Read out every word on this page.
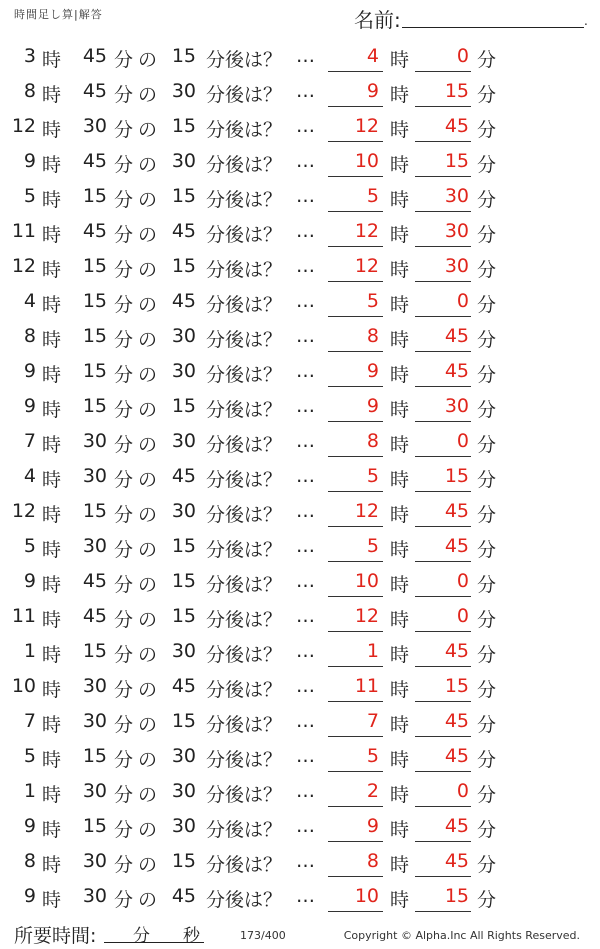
時間足し算|解答	名前:	.
3 時 45 分 の 15 分後は？ …	4 時	0 分
8 時 45 分 の 30 分後は？ …	9 時 15 分
12 時 30 分 の 15 分後は？ … 12 時 45 分
9 時 45 分 の 30 分後は？ … 10 時 15 分
5 時 15 分 の 15 分後は？ …	5 時 30 分
11 時 45 分 の 45 分後は？ … 12 時 30 分
12 時 15 分 の 15 分後は？ … 12 時 30 分
4 時 15 分 の 45 分後は？ …	5 時	0 分
8 時 15 分 の 30 分後は？ …	8 時 45 分
9 時 15 分 の 30 分後は？ …	9 時 45 分
9 時 15 分 の 15 分後は？ …	9 時 30 分
7 時 30 分 の 30 分後は？ …	8 時	0 分
4 時 30 分 の 45 分後は？ …	5 時 15 分
12 時 15 分 の 30 分後は？ … 12 時 45 分
5 時 30 分 の 15 分後は？ …	5 時 45 分
9 時 45 分 の 15 分後は？ … 10 時	0 分
11 時 45 分 の 15 分後は？ … 12 時	0 分
1 時 15 分 の 30 分後は？ …	1 時 45 分
10 時 30 分 の 45 分後は？ … 11 時 15 分
7 時 30 分 の 15 分後は？ …	7 時 45 分
5 時 15 分 の 30 分後は？ …	5 時 45 分
1 時 30 分 の 30 分後は？ …	2 時	0 分
9 時 15 分 の 30 分後は？ …	9 時 45 分
8 時 30 分 の 15 分後は？ …	8 時 45 分
9 時 30 分 の 45 分後は？ … 10 時 15 分
所要時間: 分 秒	173/400	Copyright © Alpha.Inc All Rights Reserved.
